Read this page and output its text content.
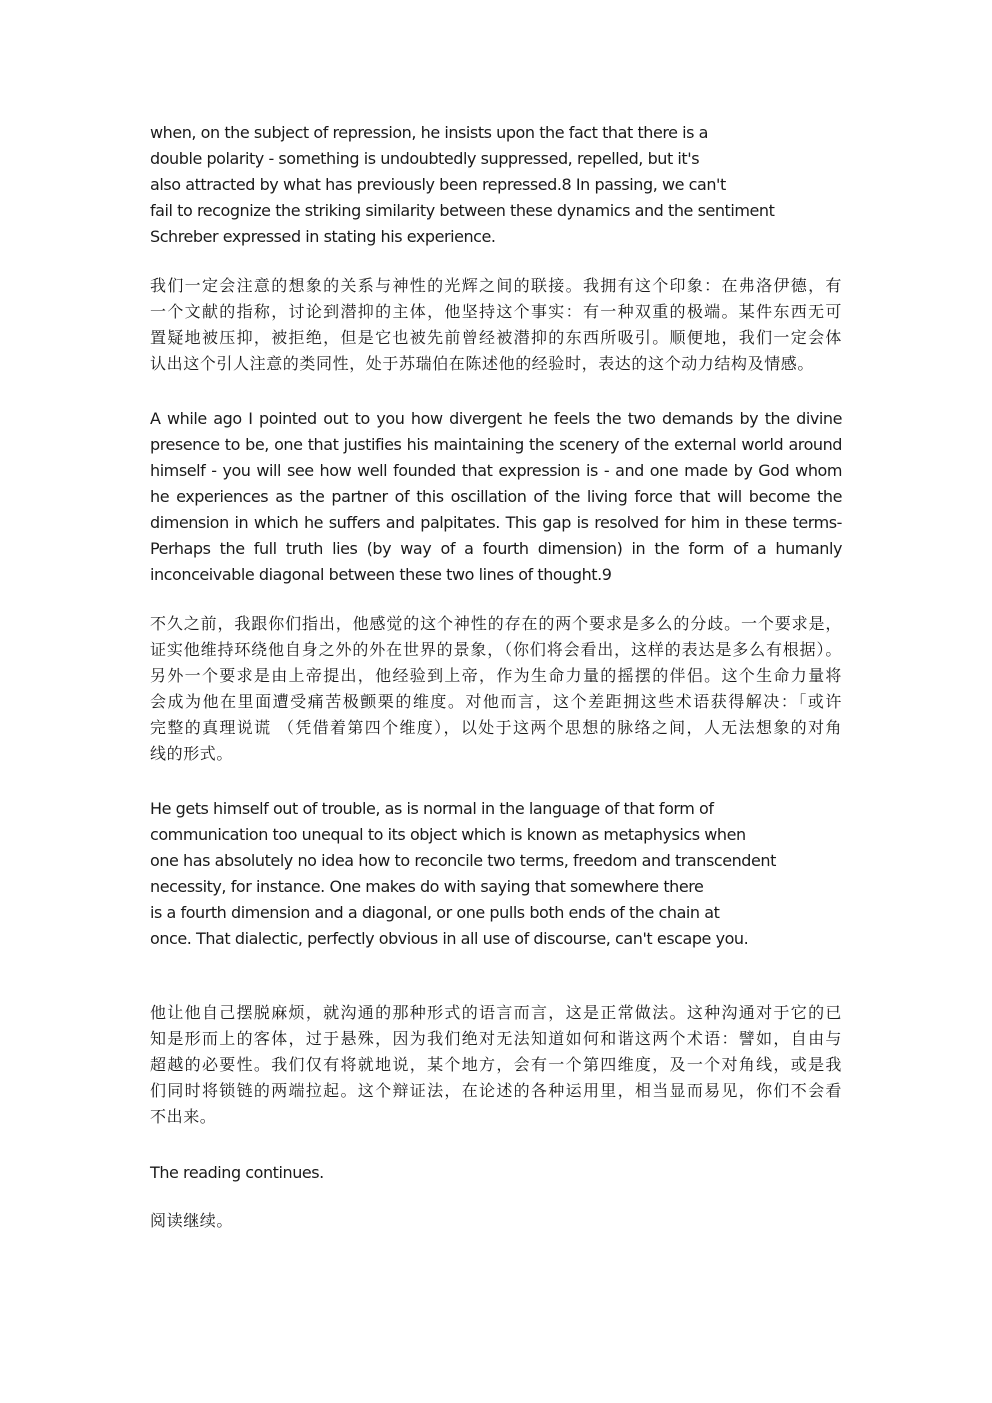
when, on the subject of repression, he insists upon the fact that there is a
double polarity - something is undoubtedly suppressed, repelled, but it's
also attracted by what has previously been repressed.8 In passing, we can't
fail to recognize the striking similarity between these dynamics and the sentiment
Schreber expressed in stating his experience.

我们一定会注意的想象的关系与神性的光辉之间的联接。我拥有这个印象：在弗洛伊德，有
一个文献的指称，讨论到潜抑的主体，他坚持这个事实：有一种双重的极端。某件东西无可
置疑地被压抑，被拒绝，但是它也被先前曾经被潜抑的东西所吸引。顺便地，我们一定会体
认出这个引人注意的类同性，处于苏瑞伯在陈述他的经验时，表达的这个动力结构及情感。

A while ago I pointed out to you how divergent he feels the two demands by the divine
presence to be, one that justifies his maintaining the scenery of the external world around
himself - you will see how well founded that expression is - and one made by God whom
he experiences as the partner of this oscillation of the living force that will become the
dimension in which he suffers and palpitates. This gap is resolved for him in these terms-
Perhaps the full truth lies (by way of a fourth dimension) in the form of a humanly
inconceivable diagonal between these two lines of thought.9

不久之前，我跟你们指出，他感觉的这个神性的存在的两个要求是多么的分歧。一个要求是，
证实他维持环绕他自身之外的外在世界的景象，（你们将会看出，这样的表达是多么有根据）。
另外一个要求是由上帝提出，他经验到上帝，作为生命力量的摇摆的伴侣。这个生命力量将
会成为他在里面遭受痛苦极颤栗的维度。对他而言，这个差距拥这些术语获得解决：「或许
完整的真理说谎 （凭借着第四个维度），以处于这两个思想的脉络之间，人无法想象的对角
线的形式。

He gets himself out of trouble, as is normal in the language of that form of
communication too unequal to its object which is known as metaphysics when
one has absolutely no idea how to reconcile two terms, freedom and transcendent
necessity, for instance. One makes do with saying that somewhere there
is a fourth dimension and a diagonal, or one pulls both ends of the chain at
once. That dialectic, perfectly obvious in all use of discourse, can't escape you.

他让他自己摆脱麻烦，就沟通的那种形式的语言而言，这是正常做法。这种沟通对于它的已
知是形而上的客体，过于悬殊，因为我们绝对无法知道如何和谐这两个术语：譬如，自由与
超越的必要性。我们仅有将就地说，某个地方，会有一个第四维度，及一个对角线，或是我
们同时将锁链的两端拉起。这个辩证法，在论述的各种运用里，相当显而易见，你们不会看
不出来。

The reading continues.

阅读继续。
